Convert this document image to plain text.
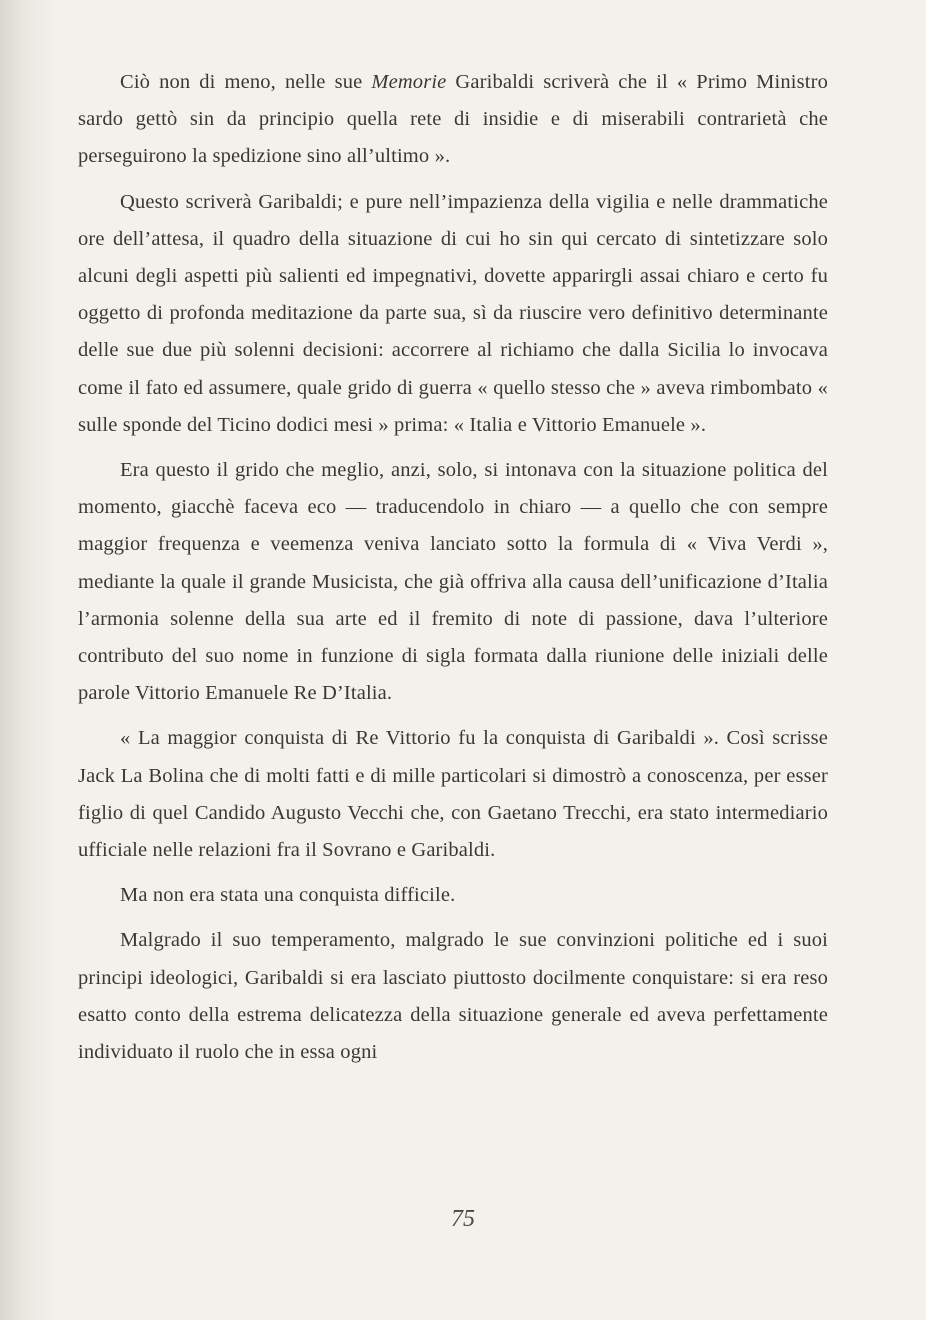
Ciò non di meno, nelle sue Memorie Garibaldi scriverà che il « Primo Ministro sardo gettò sin da principio quella rete di insidie e di miserabili contrarietà che perseguirono la spedizione sino all’ultimo ».

Questo scriverà Garibaldi; e pure nell’impazienza della vigilia e nelle drammatiche ore dell’attesa, il quadro della situazione di cui ho sin qui cercato di sintetizzare solo alcuni degli aspetti più salienti ed impegnativi, dovette apparirgli assai chiaro e certo fu oggetto di profonda meditazione da parte sua, sì da riuscire vero definitivo determinante delle sue due più solenni decisioni: accorrere al richiamo che dalla Sicilia lo invocava come il fato ed assumere, quale grido di guerra « quello stesso che » aveva rimbombato « sulle sponde del Ticino dodici mesi » prima: « Italia e Vittorio Emanuele ».

Era questo il grido che meglio, anzi, solo, si intonava con la situazione politica del momento, giacchè faceva eco — traducendolo in chiaro — a quello che con sempre maggior frequenza e veemenza veniva lanciato sotto la formula di « Viva Verdi », mediante la quale il grande Musicista, che già offriva alla causa dell’unificazione d’Italia l’armonia solenne della sua arte ed il fremito di note di passione, dava l’ulteriore contributo del suo nome in funzione di sigla formata dalla riunione delle iniziali delle parole Vittorio Emanuele Re D’Italia.

« La maggior conquista di Re Vittorio fu la conquista di Garibaldi ». Così scrisse Jack La Bolina che di molti fatti e di mille particolari si dimostrò a conoscenza, per esser figlio di quel Candido Augusto Vecchi che, con Gaetano Trecchi, era stato intermediario ufficiale nelle relazioni fra il Sovrano e Garibaldi.

Ma non era stata una conquista difficile.

Malgrado il suo temperamento, malgrado le sue convinzioni politiche ed i suoi principi ideologici, Garibaldi si era lasciato piuttosto docilmente conquistare: si era reso esatto conto della estrema delicatezza della situazione generale ed aveva perfettamente individuato il ruolo che in essa ogni

75
